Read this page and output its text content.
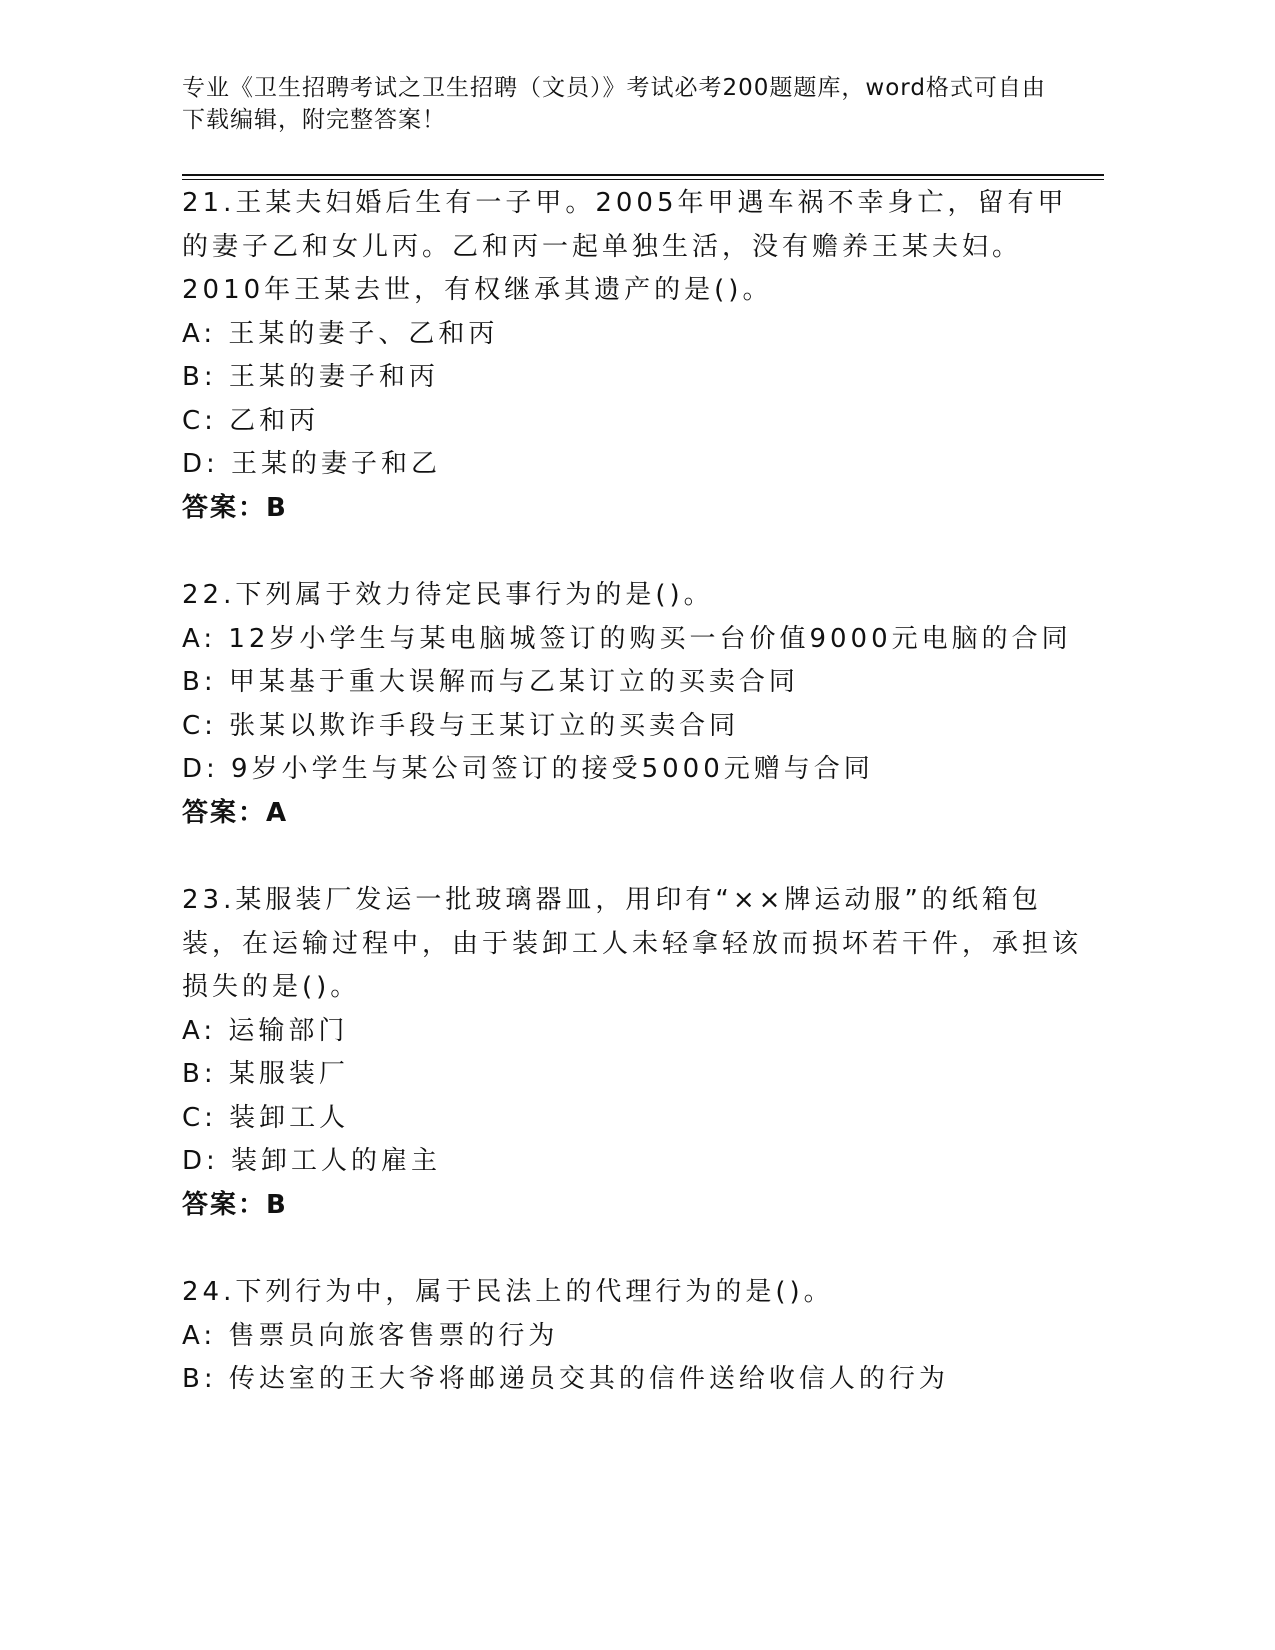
专业《卫生招聘考试之卫生招聘（文员）》考试必考200题题库，word格式可自由下载编辑，附完整答案！

21.王某夫妇婚后生有一子甲。2005年甲遇车祸不幸身亡，留有甲的妻子乙和女儿丙。乙和丙一起单独生活，没有赡养王某夫妇。2010年王某去世，有权继承其遗产的是()。

A: 王某的妻子、乙和丙

B: 王某的妻子和丙

C: 乙和丙

D: 王某的妻子和乙

答案：B

22.下列属于效力待定民事行为的是()。

A: 12岁小学生与某电脑城签订的购买一台价值9000元电脑的合同

B: 甲某基于重大误解而与乙某订立的买卖合同

C: 张某以欺诈手段与王某订立的买卖合同

D: 9岁小学生与某公司签订的接受5000元赠与合同

答案：A

23.某服装厂发运一批玻璃器皿，用印有“××牌运动服”的纸箱包装，在运输过程中，由于装卸工人未轻拿轻放而损坏若干件，承担该损失的是()。

A: 运输部门

B: 某服装厂

C: 装卸工人

D: 装卸工人的雇主

答案：B

24.下列行为中，属于民法上的代理行为的是()。

A: 售票员向旅客售票的行为

B: 传达室的王大爷将邮递员交其的信件送给收信人的行为
